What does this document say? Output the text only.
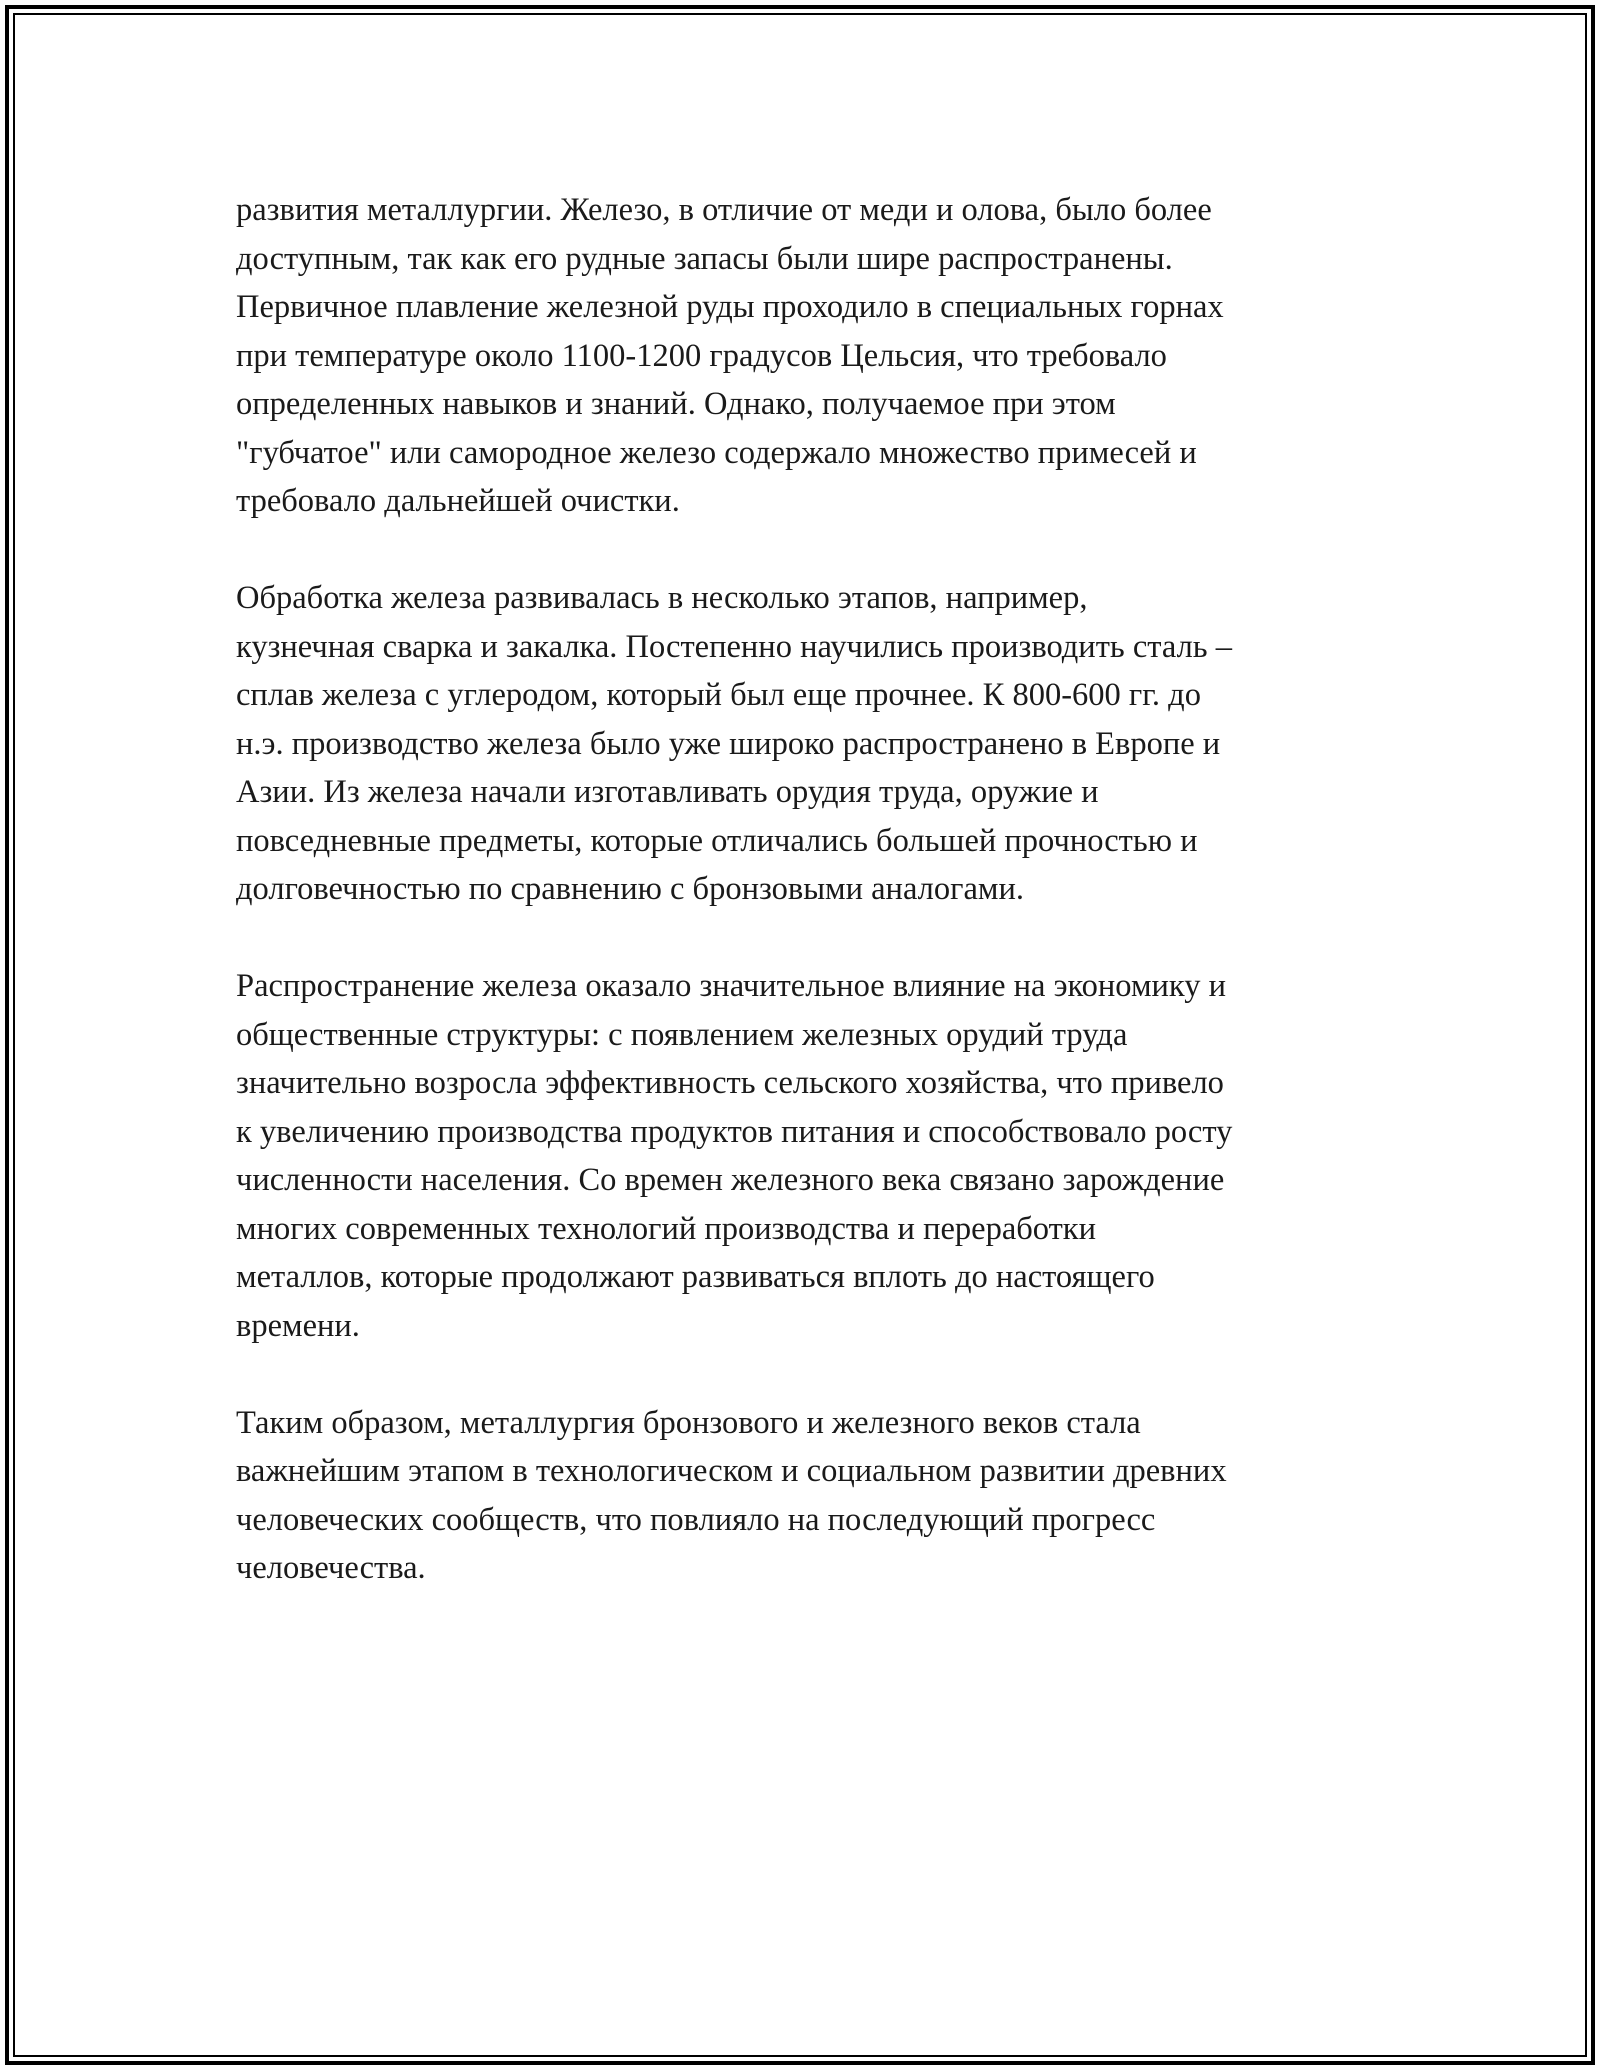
развития металлургии. Железо, в отличие от меди и олова, было более
доступным, так как его рудные запасы были шире распространены.
Первичное плавление железной руды проходило в специальных горнах
при температуре около 1100-1200 градусов Цельсия, что требовало
определенных навыков и знаний. Однако, получаемое при этом
"губчатое" или самородное железо содержало множество примесей и
требовало дальнейшей очистки.

Обработка железа развивалась в несколько этапов, например,
кузнечная сварка и закалка. Постепенно научились производить сталь –
сплав железа с углеродом, который был еще прочнее. К 800-600 гг. до
н.э. производство железа было уже широко распространено в Европе и
Азии. Из железа начали изготавливать орудия труда, оружие и
повседневные предметы, которые отличались большей прочностью и
долговечностью по сравнению с бронзовыми аналогами.

Распространение железа оказало значительное влияние на экономику и
общественные структуры: с появлением железных орудий труда
значительно возросла эффективность сельского хозяйства, что привело
к увеличению производства продуктов питания и способствовало росту
численности населения. Со времен железного века связано зарождение
многих современных технологий производства и переработки
металлов, которые продолжают развиваться вплоть до настоящего
времени.

Таким образом, металлургия бронзового и железного веков стала
важнейшим этапом в технологическом и социальном развитии древних
человеческих сообществ, что повлияло на последующий прогресс
человечества.
